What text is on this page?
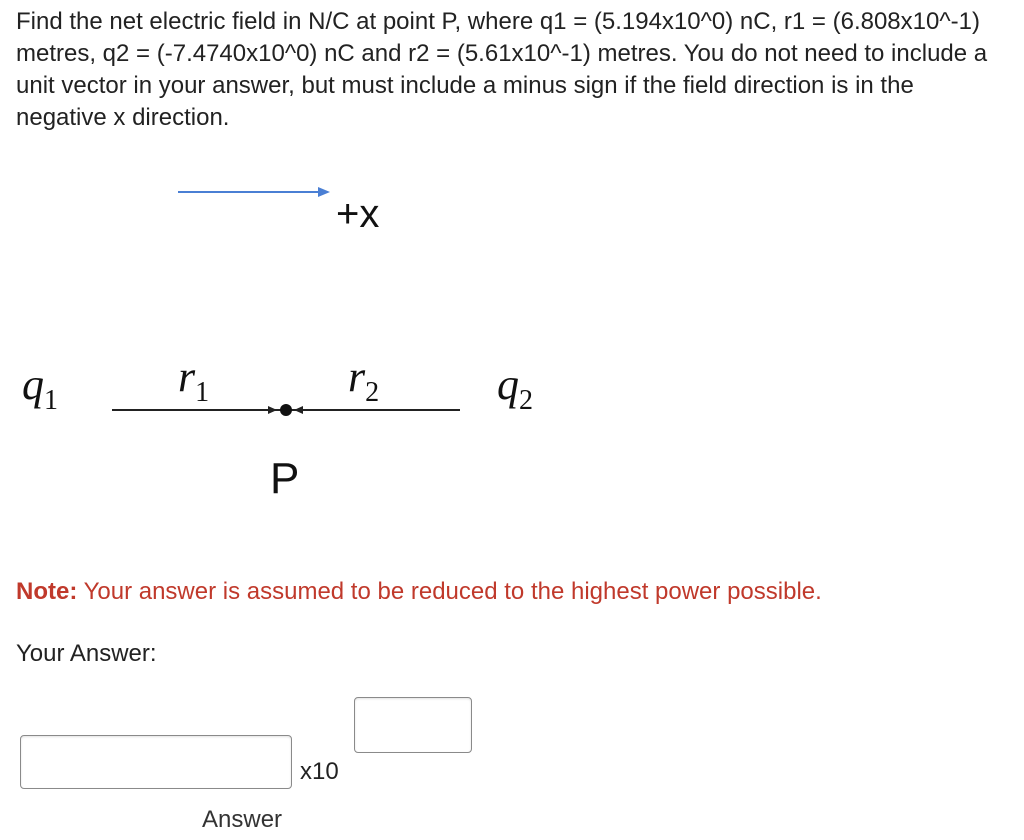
Find the net electric field in N/C at point P, where q1 = (5.194x10^0) nC, r1 = (6.808x10^-1) metres, q2 = (-7.4740x10^0) nC and r2 = (5.61x10^-1) metres. You do not need to include a unit vector in your answer, but must include a minus sign if the field direction is in the negative x direction.
+x
$q_1$	$r_1$	$r_2$	$q_2$
P
Note: Your answer is assumed to be reduced to the highest power possible.
Your Answer:
x10
Answer
